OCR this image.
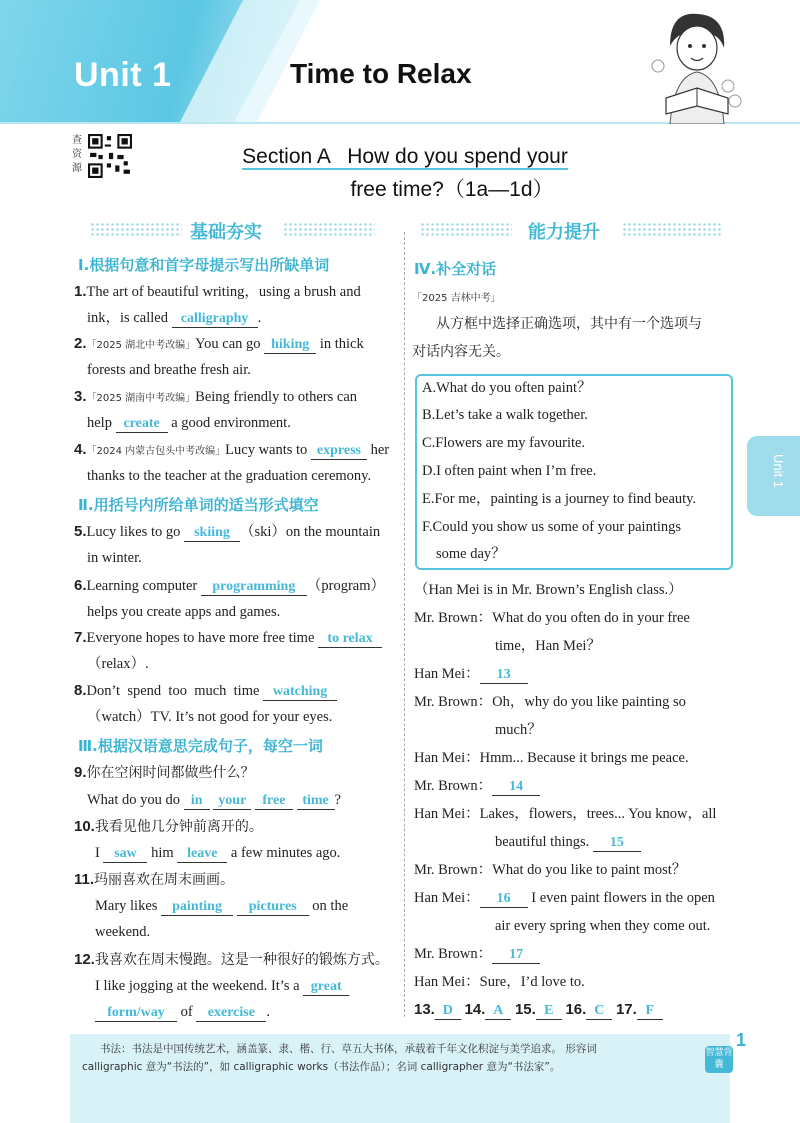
Unit 1	Time to Relax
查资源
Section A   How do you spend your
free time?（1a—1d）
基础夯实	能力提升
Ⅰ.根据句意和首字母提示写出所缺单词
1.The art of beautiful writing，using a brush and
ink，is called calligraphy .
2.「2025 湖北中考改编」You can go hiking in thick
forests and breathe fresh air.
3.「2025 湖南中考改编」Being friendly to others can
help create a good environment.
4.「2024 内蒙古包头中考改编」Lucy wants to express her
thanks to the teacher at the graduation ceremony.
Ⅱ.用括号内所给单词的适当形式填空
5.Lucy likes to go skiing （ski）on the mountain
in winter.
6.Learning computer programming （program）
helps you create apps and games.
7.Everyone hopes to have more free time to relax
（relax）.
8.Don’t  spend  too  much  time watching
（watch）TV. It’s not good for your eyes.
Ⅲ.根据汉语意思完成句子，每空一词
9.你在空闲时间都做些什么？
What do you do in your free time ?
10.我看见他几分钟前离开的。
I saw him leave a few minutes ago.
11.玛丽喜欢在周末画画。
Mary likes painting pictures on the
weekend.
12.我喜欢在周末慢跑。这是一种很好的锻炼方式。
I like jogging at the weekend. It’s a great
form/way of exercise .
Ⅳ.补全对话
「2025 吉林中考」
从方框中选择正确选项，其中有一个选项与
对话内容无关。
A.What do you often paint？
B.Let’s take a walk together.
C.Flowers are my favourite.
D.I often paint when I’m free.
E.For me，painting is a journey to find beauty.
F.Could you show us some of your paintings
some day？
（Han Mei is in Mr. Brown’s English class.）
Mr. Brown：What do you often do in your free
time，Han Mei？
Han Mei： 13
Mr. Brown：Oh，why do you like painting so
much？
Han Mei：Hmm... Because it brings me peace.
Mr. Brown： 14
Han Mei：Lakes，flowers，trees... You know，all
beautiful things. 15
Mr. Brown：What do you like to paint most？
Han Mei： 16 I even paint flowers in the open
air every spring when they come out.
Mr. Brown： 17
Han Mei：Sure，I’d love to.
13. D 14. A 15. E 16. C 17. F
Unit 1
书法：书法是中国传统艺术，涵盖篆、隶、楷、行、草五大书体，承载着千年文化积淀与美学追求。 形容词
calligraphic 意为“书法的”，如 calligraphic works（书法作品）；名词 calligrapher 意为“书法家”。
智慧背囊
1
